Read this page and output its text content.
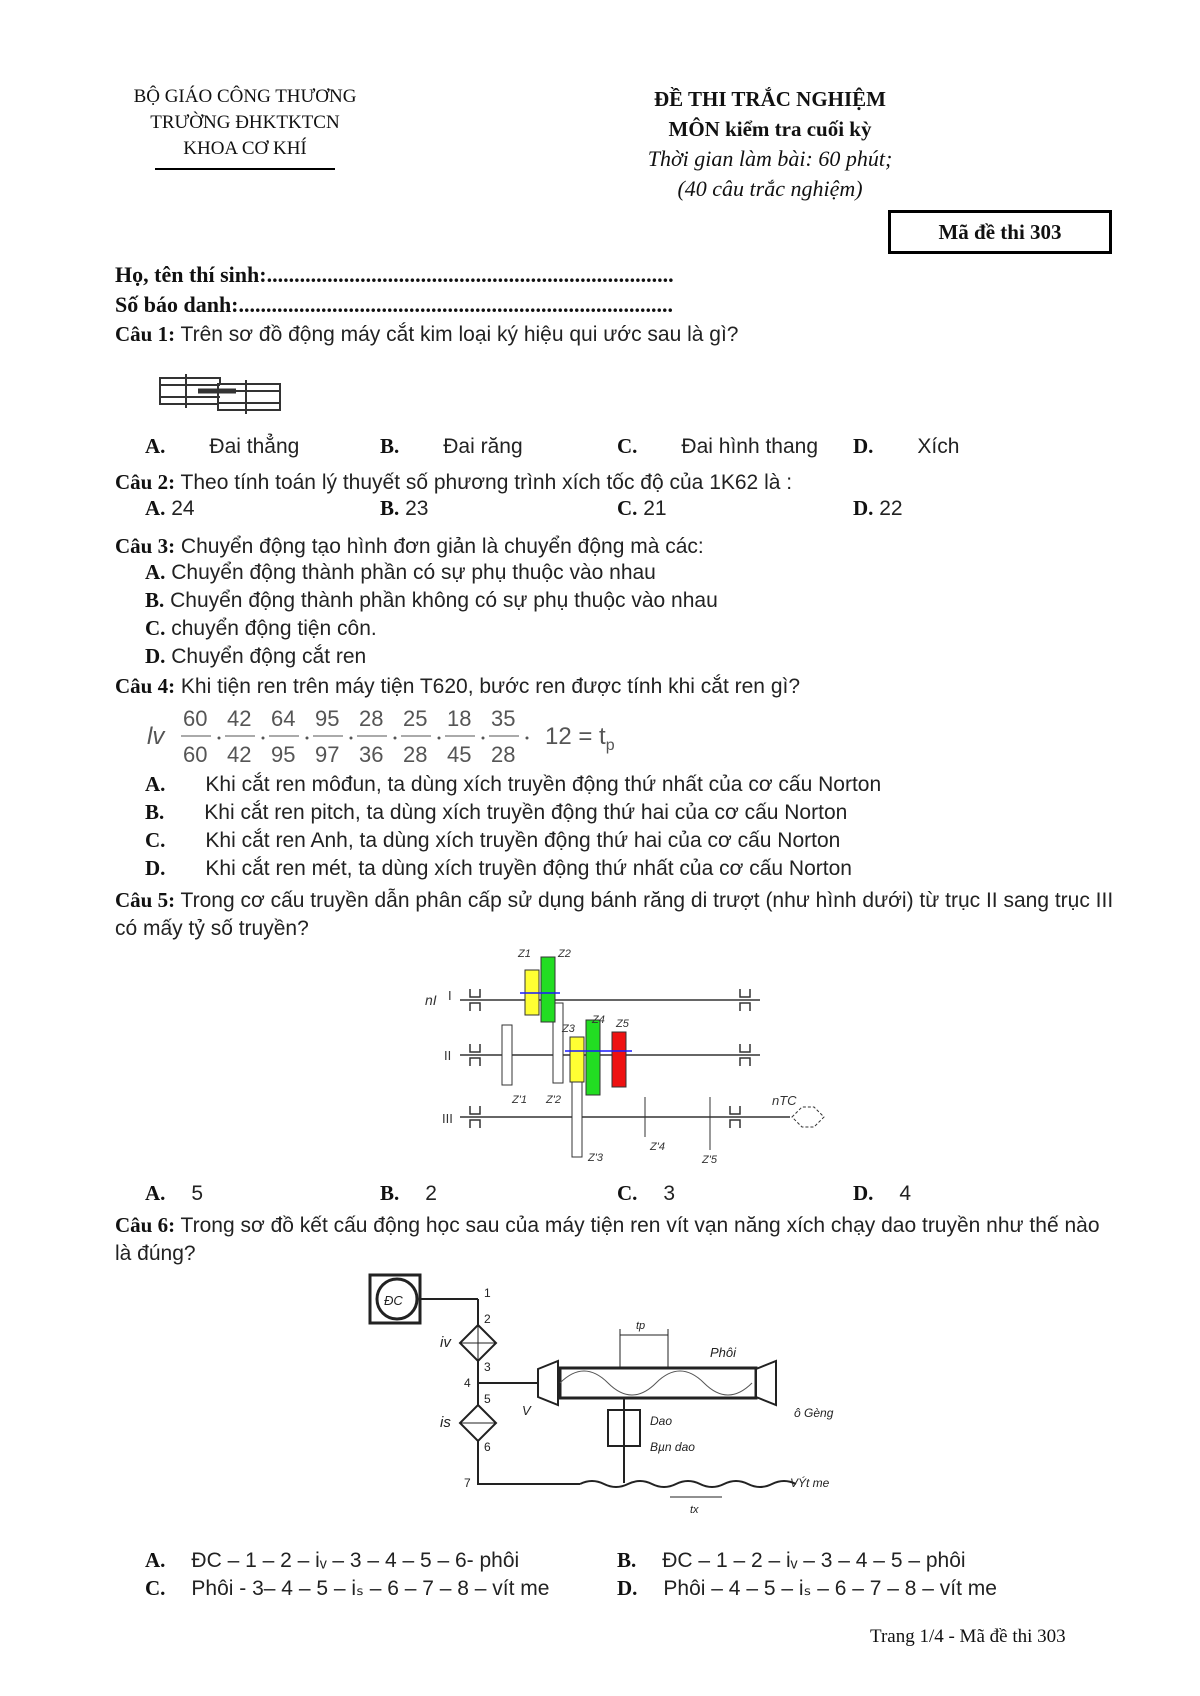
BỘ GIÁO CÔNG THƯƠNG
TRƯỜNG ĐHKTKTCN
KHOA CƠ KHÍ
ĐỀ THI TRẮC NGHIỆM
MÔN kiểm tra cuối kỳ
Thời gian làm bài: 60 phút;
(40 câu trắc nghiệm)
Mã đề thi 303
Họ, tên thí sinh:..........................................................................
Số báo danh:...............................................................................
Câu 1: Trên sơ đồ động máy cắt kim loại ký hiệu qui ước sau là gì?
A. Đai thẳng	B. Đai răng	C. Đai hình thang D. Xích
Câu 2: Theo tính toán lý thuyết số phương trình xích tốc độ của 1K62 là :
A. 24	B. 23	C. 21	D. 22
Câu 3: Chuyển động tạo hình đơn giản là chuyển động mà các:
A. Chuyển động thành phần có sự phụ thuộc vào nhau
B. Chuyển động thành phần không có sự phụ thuộc vào nhau
C. chuyển động tiện côn.
D. Chuyển động cắt ren
Câu 4: Khi tiện ren trên máy tiện T620, bước ren được tính khi cắt ren gì?
lv
60
60
42
42
64
95
95
97
28
36
25
28
18
45
35
28
$12 = t_p$
A. Khi cắt ren môđun, ta dùng xích truyền động thứ nhất của cơ cấu Norton
B. Khi cắt ren pitch, ta dùng xích truyền động thứ hai của cơ cấu Norton
C. Khi cắt ren Anh, ta dùng xích truyền động thứ hai của cơ cấu Norton
D. Khi cắt ren mét, ta dùng xích truyền động thứ nhất của cơ cấu Norton
Câu 5: Trong cơ cấu truyền dẫn phân cấp sử dụng bánh răng di trượt (như hình dưới) từ trục II sang trục III có mấy tỷ số truyền?
nI I
II
III
nTC
Z1 Z2
Z4 Z5
Z3
Z'1 Z'2
Z'3
Z'4
Z'5
A. 5	B. 2	C. 3	D. 4
Câu 6: Trong sơ đồ kết cấu động học sau của máy tiện ren vít vạn năng xích chạy dao truyền như thế nào là đúng?
ĐC
iv
is
1
2
3
4
5
6
7
V
tp
Phôi
ô Gèng
Dao
Bµn dao
tx
VÝt me
A. ĐC – 1 – 2 – iᵥ – 3 – 4 – 5 – 6- phôi	B. ĐC – 1 – 2 – iᵥ – 3 – 4 – 5 – phôi
C. Phôi - 3– 4 – 5 – iₛ – 6 – 7 – 8 – vít me	D. Phôi – 4 – 5 – iₛ – 6 – 7 – 8 – vít me
Trang 1/4 - Mã đề thi 303
